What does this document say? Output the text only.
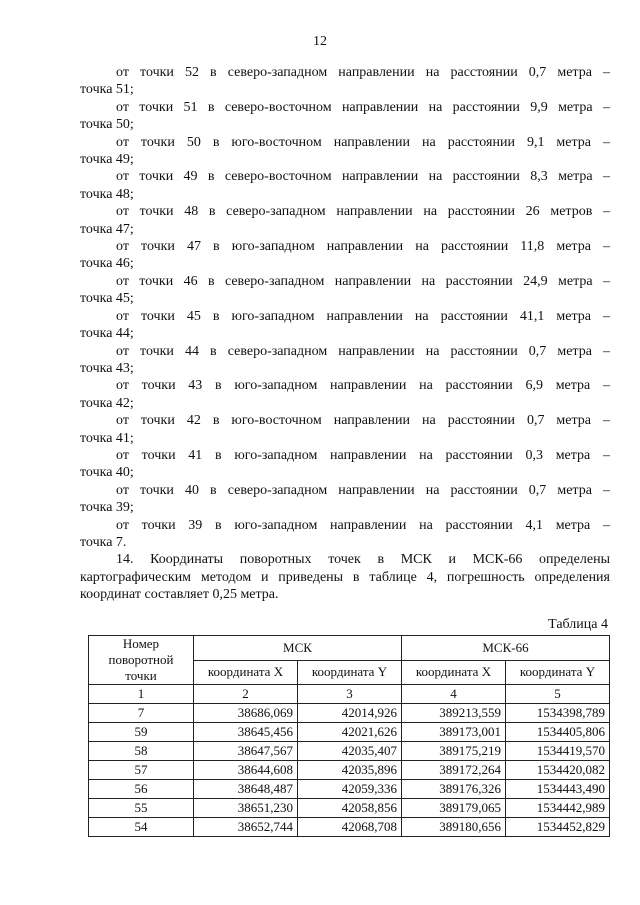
12
от точки 52 в северо-западном направлении на расстоянии 0,7 метра –
точка 51;
от точки 51 в северо-восточном направлении на расстоянии 9,9 метра –
точка 50;
от точки 50 в юго-восточном направлении на расстоянии 9,1 метра –
точка 49;
от точки 49 в северо-восточном направлении на расстоянии 8,3 метра –
точка 48;
от точки 48 в северо-западном направлении на расстоянии 26 метров –
точка 47;
от точки 47 в юго-западном направлении на расстоянии 11,8 метра –
точка 46;
от точки 46 в северо-западном направлении на расстоянии 24,9 метра –
точка 45;
от точки 45 в юго-западном направлении на расстоянии 41,1 метра –
точка 44;
от точки 44 в северо-западном направлении на расстоянии 0,7 метра –
точка 43;
от точки 43 в юго-западном направлении на расстоянии 6,9 метра –
точка 42;
от точки 42 в юго-восточном направлении на расстоянии 0,7 метра –
точка 41;
от точки 41 в юго-западном направлении на расстоянии 0,3 метра –
точка 40;
от точки 40 в северо-западном направлении на расстоянии 0,7 метра –
точка 39;
от точки 39 в юго-западном направлении на расстоянии 4,1 метра –
точка 7.
14. Координаты поворотных точек в МСК и МСК-66 определены картографическим методом и приведены в таблице 4, погрешность определения координат составляет 0,25 метра.
Таблица 4
Номер поворотной точки	МСК		МСК-66	
	координата X	координата Y	координата X	координата Y
1	2	3	4	5
7	38686,069	42014,926	389213,559	1534398,789
59	38645,456	42021,626	389173,001	1534405,806
58	38647,567	42035,407	389175,219	1534419,570
57	38644,608	42035,896	389172,264	1534420,082
56	38648,487	42059,336	389176,326	1534443,490
55	38651,230	42058,856	389179,065	1534442,989
54	38652,744	42068,708	389180,656	1534452,829
